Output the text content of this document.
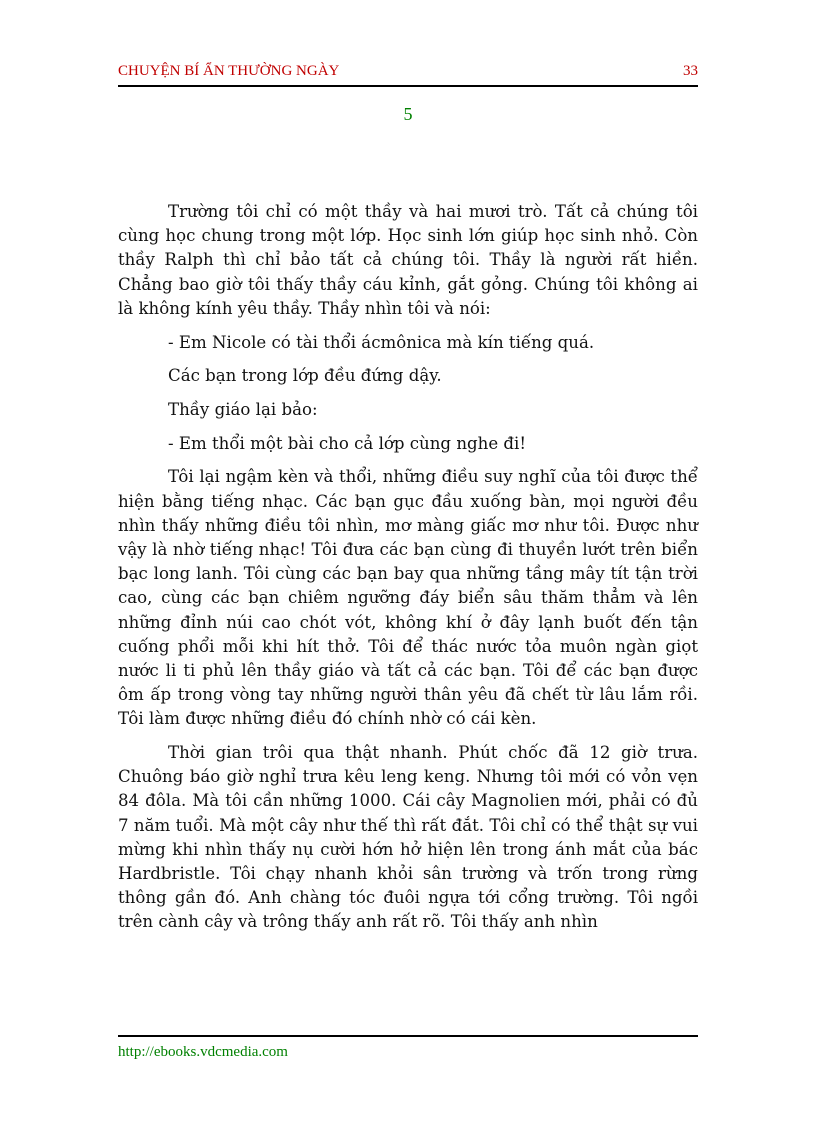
CHUYỆN BÍ ẨN THƯỜNG NGÀY	33
5

Trường tôi chỉ có một thầy và hai mươi trò. Tất cả chúng tôi cùng học chung trong một lớp. Học sinh lớn giúp học sinh nhỏ. Còn thầy Ralph thì chỉ bảo tất cả chúng tôi. Thầy là người rất hiền. Chẳng bao giờ tôi thấy thầy cáu kỉnh, gắt gỏng. Chúng tôi không ai là không kính yêu thầy. Thầy nhìn tôi và nói:

- Em Nicole có tài thổi ácmônica mà kín tiếng quá.

Các bạn trong lớp đều đứng dậy.

Thầy giáo lại bảo:

- Em thổi một bài cho cả lớp cùng nghe đi!

Tôi lại ngậm kèn và thổi, những điều suy nghĩ của tôi được thể hiện bằng tiếng nhạc. Các bạn gục đầu xuống bàn, mọi người đều nhìn thấy những điều tôi nhìn, mơ màng giấc mơ như tôi. Được như vậy là nhờ tiếng nhạc! Tôi đưa các bạn cùng đi thuyền lướt trên biển bạc long lanh. Tôi cùng các bạn bay qua những tầng mây tít tận trời cao, cùng các bạn chiêm ngưỡng đáy biển sâu thăm thẳm và lên những đỉnh núi cao chót vót, không khí ở đây lạnh buốt đến tận cuống phổi mỗi khi hít thở. Tôi để thác nước tỏa muôn ngàn giọt nước li ti phủ lên thầy giáo và tất cả các bạn. Tôi để các bạn được ôm ấp trong vòng tay những người thân yêu đã chết từ lâu lắm rồi. Tôi làm được những điều đó chính nhờ có cái kèn.

Thời gian trôi qua thật nhanh. Phút chốc đã 12 giờ trưa. Chuông báo giờ nghỉ trưa kêu leng keng. Nhưng tôi mới có vỏn vẹn 84 đôla. Mà tôi cần những 1000. Cái cây Magnolien mới, phải có đủ 7 năm tuổi. Mà một cây như thế thì rất đắt. Tôi chỉ có thể thật sự vui mừng khi nhìn thấy nụ cười hớn hở hiện lên trong ánh mắt của bác Hardbristle. Tôi chạy nhanh khỏi sân trường và trốn trong rừng thông gần đó. Anh chàng tóc đuôi ngựa tới cổng trường. Tôi ngồi trên cành cây và trông thấy anh rất rõ. Tôi thấy anh nhìn

http://ebooks.vdcmedia.com
